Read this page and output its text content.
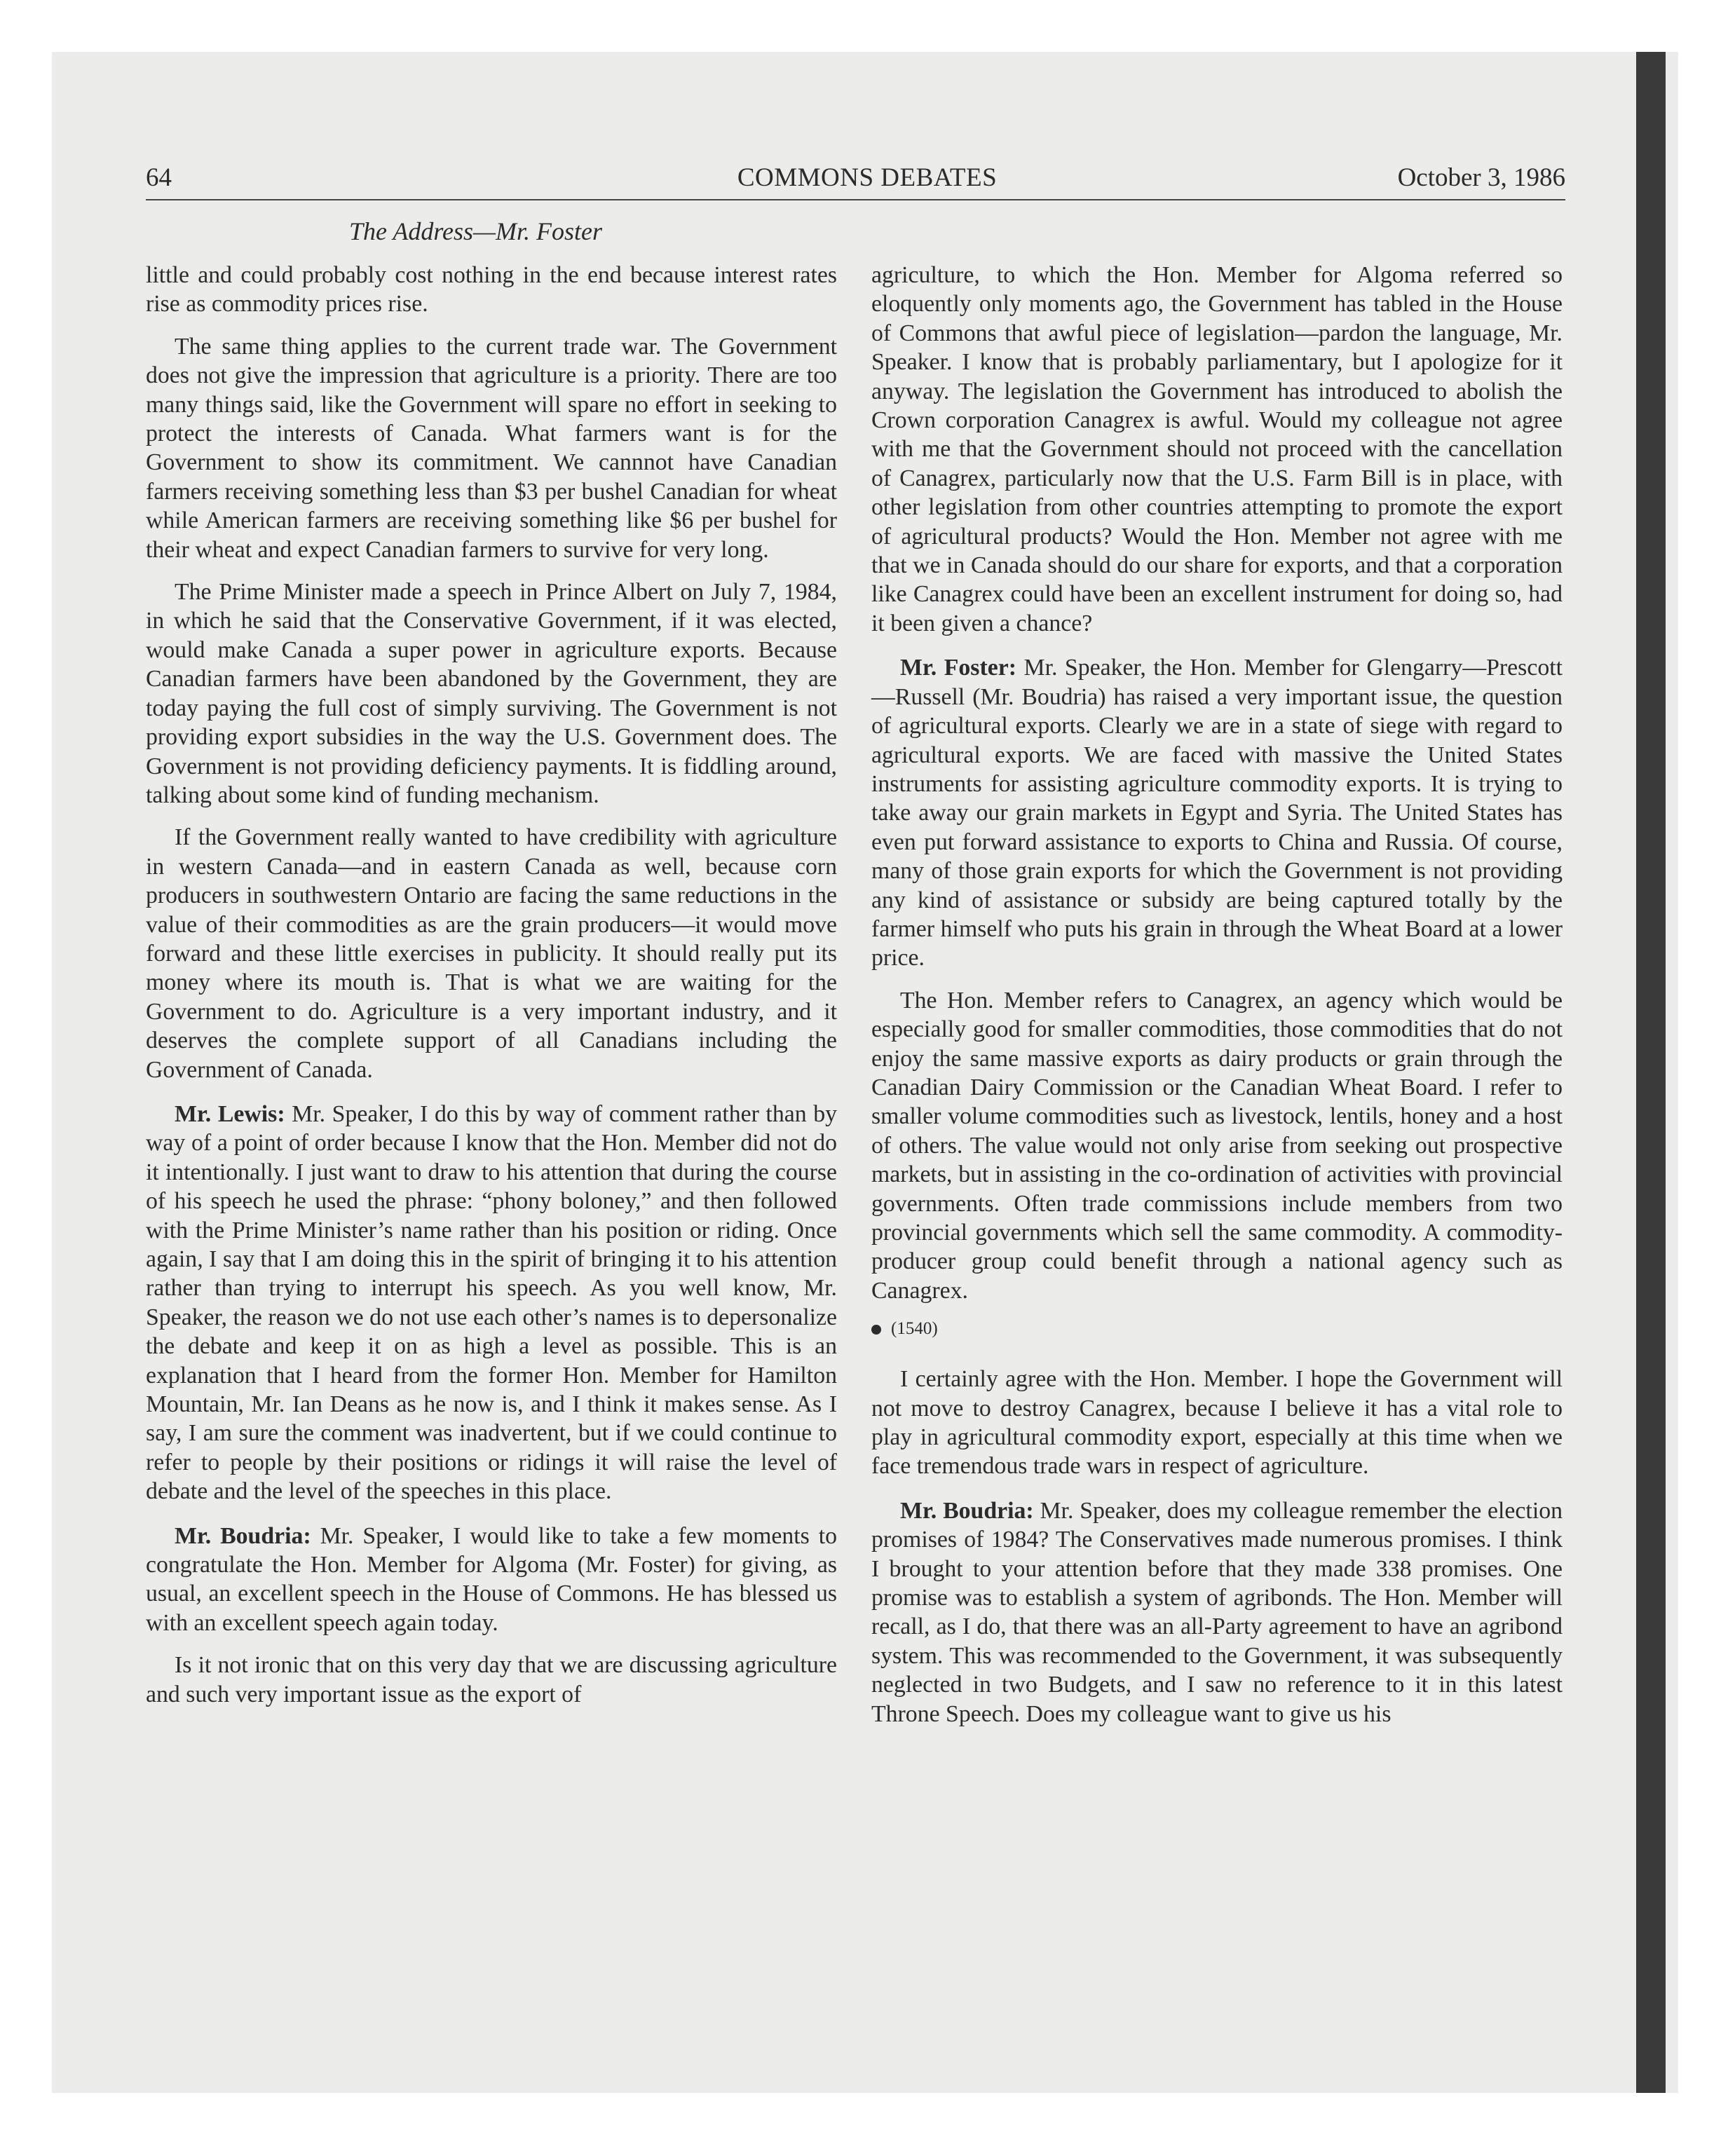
64	COMMONS DEBATES	October 3, 1986
The Address—Mr. Foster

little and could probably cost nothing in the end because interest rates rise as commodity prices rise.

The same thing applies to the current trade war. The Government does not give the impression that agriculture is a priority. There are too many things said, like the Government will spare no effort in seeking to protect the interests of Canada. What farmers want is for the Government to show its commitment. We cannnot have Canadian farmers receiving something less than $3 per bushel Canadian for wheat while American farmers are receiving something like $6 per bushel for their wheat and expect Canadian farmers to survive for very long.

The Prime Minister made a speech in Prince Albert on July 7, 1984, in which he said that the Conservative Government, if it was elected, would make Canada a super power in agriculture exports. Because Canadian farmers have been abandoned by the Government, they are today paying the full cost of simply surviving. The Government is not providing export subsidies in the way the U.S. Government does. The Government is not providing deficiency payments. It is fiddling around, talking about some kind of funding mechanism.

If the Government really wanted to have credibility with agriculture in western Canada—and in eastern Canada as well, because corn producers in southwestern Ontario are facing the same reductions in the value of their commodities as are the grain producers—it would move forward and these little exercises in publicity. It should really put its money where its mouth is. That is what we are waiting for the Government to do. Agriculture is a very important industry, and it deserves the complete support of all Canadians including the Government of Canada.

Mr. Lewis: Mr. Speaker, I do this by way of comment rather than by way of a point of order because I know that the Hon. Member did not do it intentionally. I just want to draw to his attention that during the course of his speech he used the phrase: “phony boloney,” and then followed with the Prime Minister’s name rather than his position or riding. Once again, I say that I am doing this in the spirit of bringing it to his attention rather than trying to interrupt his speech. As you well know, Mr. Speaker, the reason we do not use each other’s names is to depersonalize the debate and keep it on as high a level as possible. This is an explanation that I heard from the former Hon. Member for Hamilton Mountain, Mr. Ian Deans as he now is, and I think it makes sense. As I say, I am sure the comment was inadvertent, but if we could continue to refer to people by their positions or ridings it will raise the level of debate and the level of the speeches in this place.

Mr. Boudria: Mr. Speaker, I would like to take a few moments to congratulate the Hon. Member for Algoma (Mr. Foster) for giving, as usual, an excellent speech in the House of Commons. He has blessed us with an excellent speech again today.

Is it not ironic that on this very day that we are discussing agriculture and such very important issue as the export of

agriculture, to which the Hon. Member for Algoma referred so eloquently only moments ago, the Government has tabled in the House of Commons that awful piece of legislation—pardon the language, Mr. Speaker. I know that is probably parliamentary, but I apologize for it anyway. The legislation the Government has introduced to abolish the Crown corporation Canagrex is awful. Would my colleague not agree with me that the Government should not proceed with the cancellation of Canagrex, particularly now that the U.S. Farm Bill is in place, with other legislation from other countries attempting to promote the export of agricultural products? Would the Hon. Member not agree with me that we in Canada should do our share for exports, and that a corporation like Canagrex could have been an excellent instrument for doing so, had it been given a chance?

Mr. Foster: Mr. Speaker, the Hon. Member for Glengarry—Prescott—Russell (Mr. Boudria) has raised a very important issue, the question of agricultural exports. Clearly we are in a state of siege with regard to agricultural exports. We are faced with massive the United States instruments for assisting agriculture commodity exports. It is trying to take away our grain markets in Egypt and Syria. The United States has even put forward assistance to exports to China and Russia. Of course, many of those grain exports for which the Government is not providing any kind of assistance or subsidy are being captured totally by the farmer himself who puts his grain in through the Wheat Board at a lower price.

The Hon. Member refers to Canagrex, an agency which would be especially good for smaller commodities, those commodities that do not enjoy the same massive exports as dairy products or grain through the Canadian Dairy Commission or the Canadian Wheat Board. I refer to smaller volume commodities such as livestock, lentils, honey and a host of others. The value would not only arise from seeking out prospective markets, but in assisting in the co-ordination of activities with provincial governments. Often trade commissions include members from two provincial governments which sell the same commodity. A commodity-producer group could benefit through a national agency such as Canagrex.

(1540)

I certainly agree with the Hon. Member. I hope the Government will not move to destroy Canagrex, because I believe it has a vital role to play in agricultural commodity export, especially at this time when we face tremendous trade wars in respect of agriculture.

Mr. Boudria: Mr. Speaker, does my colleague remember the election promises of 1984? The Conservatives made numerous promises. I think I brought to your attention before that they made 338 promises. One promise was to establish a system of agribonds. The Hon. Member will recall, as I do, that there was an all-Party agreement to have an agribond system. This was recommended to the Government, it was subsequently neglected in two Budgets, and I saw no reference to it in this latest Throne Speech. Does my colleague want to give us his
